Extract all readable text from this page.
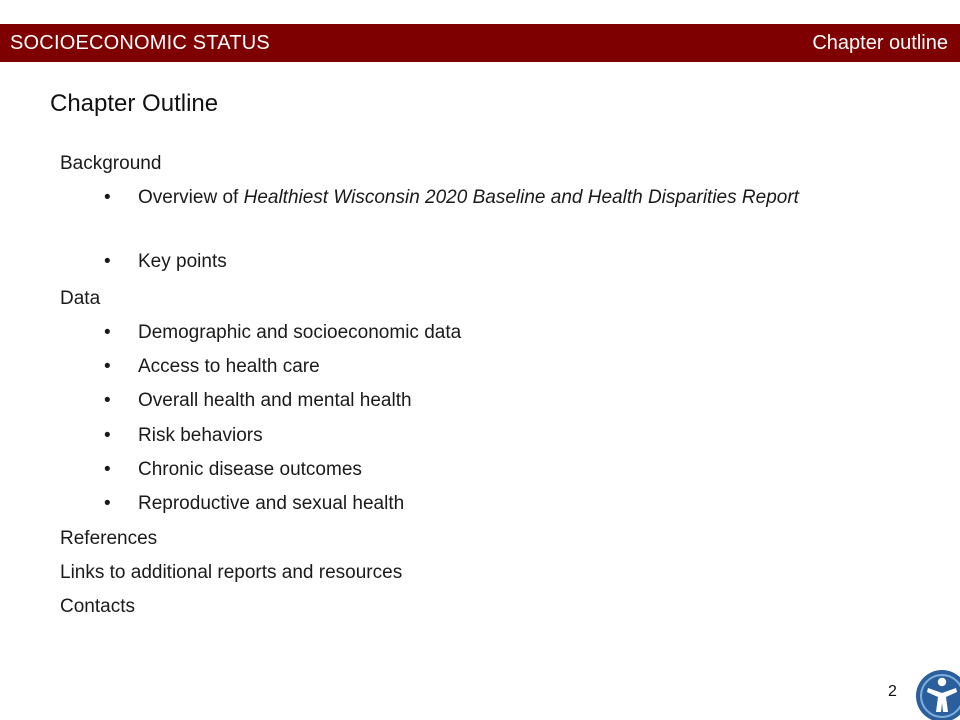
SOCIOECONOMIC STATUS	Chapter outline
Chapter Outline
Background
• Overview of Healthiest Wisconsin 2020 Baseline and Health Disparities Report
• Key points
Data
• Demographic and socioeconomic data
• Access to health care
• Overall health and mental health
• Risk behaviors
• Chronic disease outcomes
• Reproductive and sexual health
References
Links to additional reports and resources
Contacts
2
